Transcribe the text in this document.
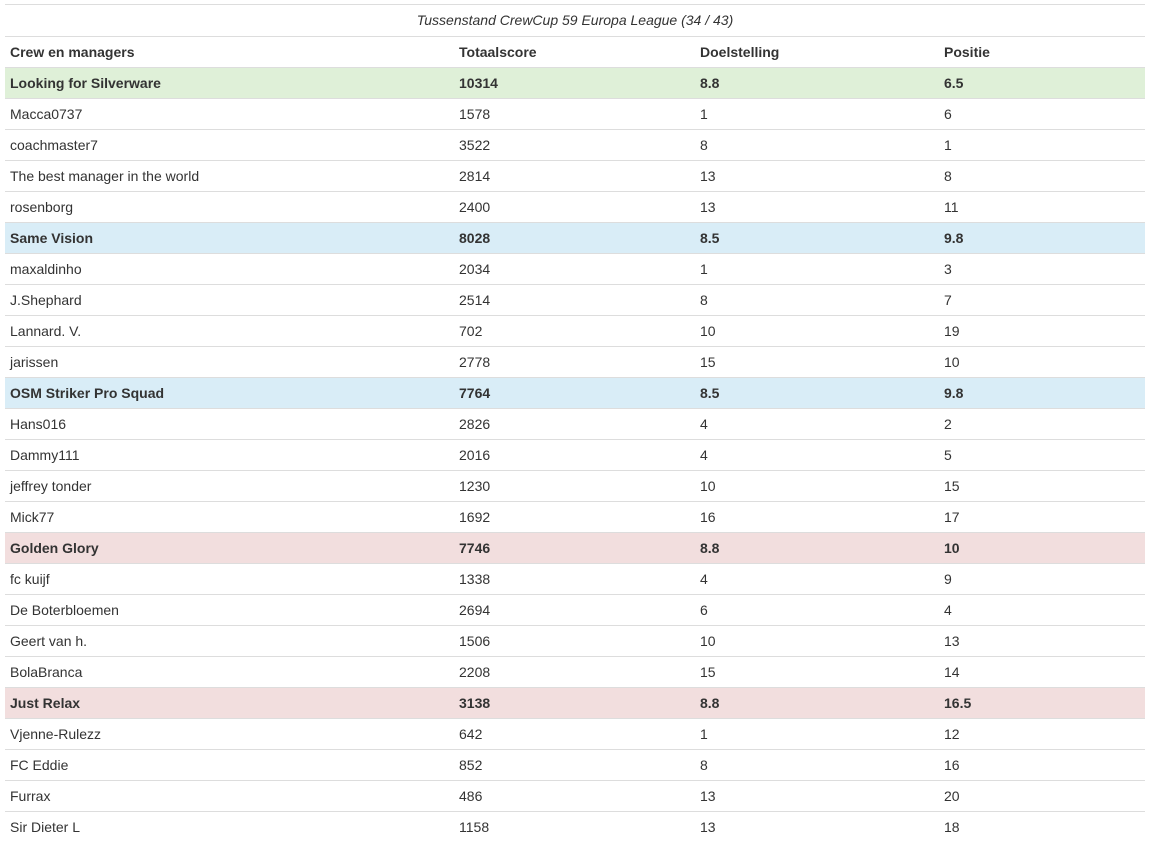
Tussenstand CrewCup 59 Europa League (34 / 43)
Crew en managers	Totaalscore	Doelstelling	Positie
Looking for Silverware	10314	8.8	6.5
Macca0737	1578	1	6
coachmaster7	3522	8	1
The best manager in the world	2814	13	8
rosenborg	2400	13	11
Same Vision	8028	8.5	9.8
maxaldinho	2034	1	3
J.Shephard	2514	8	7
Lannard. V.	702	10	19
jarissen	2778	15	10
OSM Striker Pro Squad	7764	8.5	9.8
Hans016	2826	4	2
Dammy111	2016	4	5
jeffrey tonder	1230	10	15
Mick77	1692	16	17
Golden Glory	7746	8.8	10
fc kuijf	1338	4	9
De Boterbloemen	2694	6	4
Geert van h.	1506	10	13
BolaBranca	2208	15	14
Just Relax	3138	8.8	16.5
Vjenne-Rulezz	642	1	12
FC Eddie	852	8	16
Furrax	486	13	20
Sir Dieter L	1158	13	18
